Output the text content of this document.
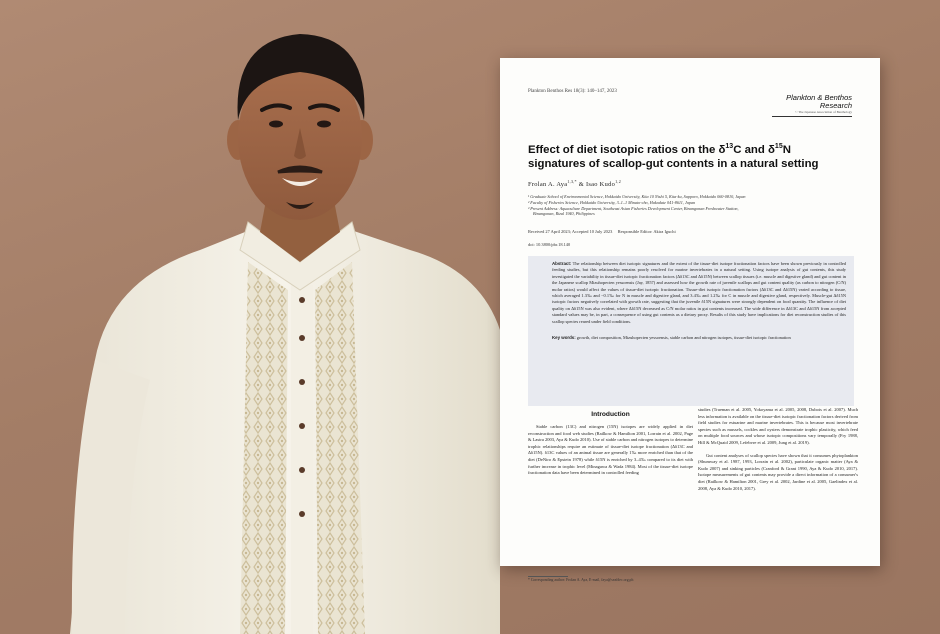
Plankton Benthos Res 18(3): 140–147, 2023

Plankton & Benthos
Research
© The Japanese Association of Benthology
Effect of diet isotopic ratios on the $\delta^{13}C$ and $\delta^{15}N$
signatures of scallop-gut contents in a natural setting

Frolan A. Aya$^{1,3,*}$ & Isao Kudo$^{1,2}$

¹ Graduate School of Environmental Science, Hokkaido University, Kita 10 Nishi 5, Kita-ku, Sapporo, Hokkaido 060-0810, Japan
² Faculty of Fisheries Science, Hokkaido University, 3–1–1 Minato-cho, Hakodate 041-8611, Japan
³ Present Address: Aquaculture Department, Southeast Asian Fisheries Development Center, Binangonan Freshwater Station,
Binangonan, Rizal 1940, Philippines

Received 27 April 2023; Accepted 10 July 2023     Responsible Editor: Akira Iguchi

doi: 10.3800/pbr.18.140

Abstract: The relationship between diet isotopic signatures and the extent of the tissue-diet isotope fractionation factors have been shown previously in controlled feeding studies, but this relationship remains poorly resolved for marine invertebrates in a natural setting. Using isotope analysis of gut contents, this study investigated the variability in tissue-diet isotopic fractionation factors (Δδ13C and Δδ15N) between scallop tissues (i.e. muscle and digestive gland) and gut content in the Japanese scallop Mizuhopecten yessoensis (Jay, 1857) and assessed how the growth rate of juvenile scallops and gut content quality (as carbon to nitrogen (C/N) molar ratios) would affect the values of tissue-diet isotopic fractionation. Tissue-diet isotopic fractionation factors (Δδ13C and Δδ15N) varied according to tissue, which averaged 1.3‰ and −0.1‰ for N in muscle and digestive gland, and 3.4‰ and 1.2‰ for C in muscle and digestive gland, respectively. Muscle-gut Δδ15N isotopic factors negatively correlated with growth rate, suggesting that the juvenile δ15N signatures were strongly dependent on food quantity. The influence of diet quality on Δδ15N was also evident, where Δδ15N decreased as C/N molar ratios in gut contents increased. The wide difference in Δδ13C and Δδ15N from accepted standard values may be, in part, a consequence of using gut contents as a dietary proxy. Results of this study have implications for diet reconstruction studies of this scallop species reared under field conditions.

Key words: growth, diet composition, Mizuhopecten yessoensis, stable carbon and nitrogen isotopes, tissue-diet isotopic fractionation

Introduction

Stable carbon (13C) and nitrogen (15N) isotopes are widely applied in diet reconstruction and food web studies (Railkow & Hamilton 2001, Lorrain et al. 2002, Page & Lastra 2003, Aya & Kudo 2010). Use of stable carbon and nitrogen isotopes to determine trophic relationships require an estimate of tissue-diet isotope fractionation (Δδ13C and Δδ15N). δ13C values of an animal tissue are generally 1‰ more enriched than that of the diet (DeNiro & Epstein 1978) while δ15N is enriched by 3–4‰ compared to its diet with further increase in trophic level (Minagawa & Wada 1984). Most of the tissue-diet isotope fractionation data have been determined in controlled feeding

studies (Trueman et al. 2005, Yokoyama et al. 2005, 2008, Dubois et al. 2007). Much less information is available on the tissue-diet isotopic fractionation factors derived from field studies for estuarine and marine invertebrates. This is because most invertebrate species such as mussels, cockles and oysters demonstrate trophic plasticity, which feed on multiple food sources and whose isotopic compositions vary temporally (Fry 1988, Hill & McQuaid 2009, Lefebvre et al. 2009, Jung et al. 2019).

Gut content analyses of scallop species have shown that it consumes phytoplankton (Shumway et al. 1987, 1993, Lorrain et al. 2002), particulate organic matter (Aya & Kudo 2007) and sinking particles (Cranford & Grant 1990, Aya & Kudo 2010, 2017). Isotope measurements of gut contents may provide a direct information of a consumer's diet (Railkow & Hamilton 2001, Grey et al. 2002, Jardine et al. 2005, Gaelindex et al. 2008, Aya & Kudo 2010, 2017).

* Corresponding author: Frolan A. Aya, E-mail, faya@seafdec.org.ph
